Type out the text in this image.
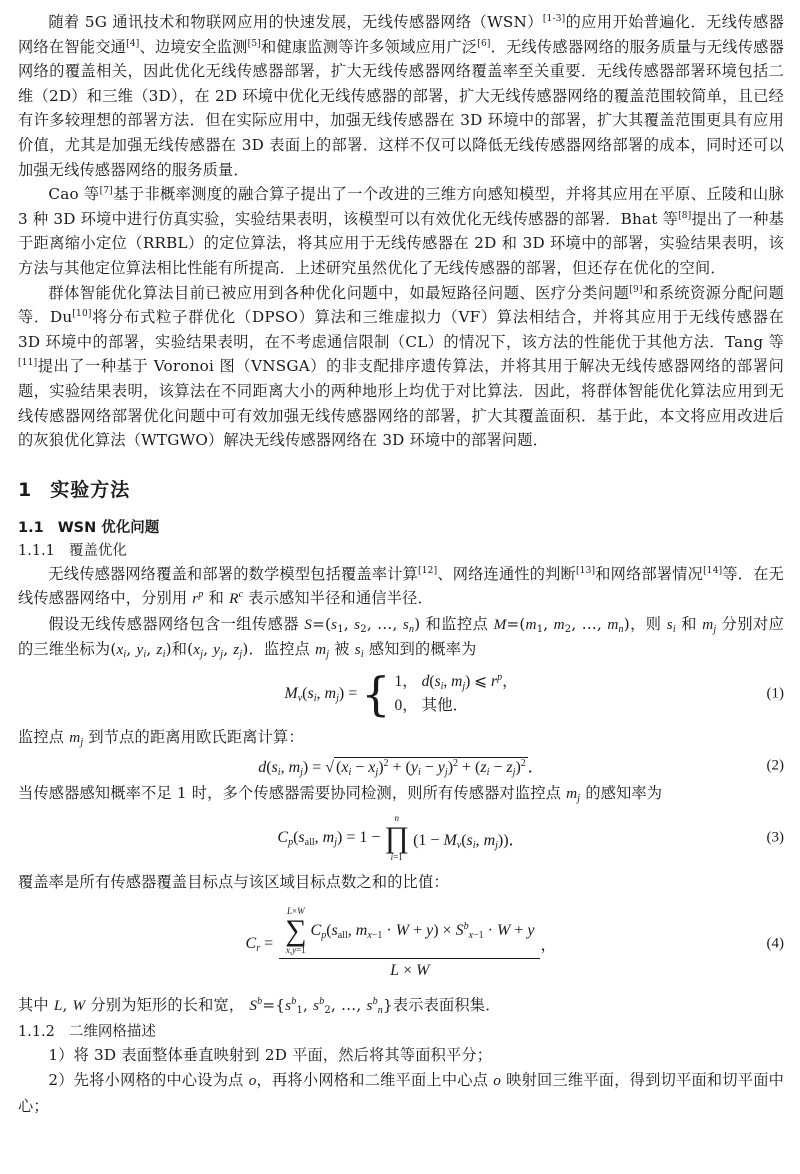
随着 5G 通讯技术和物联网应用的快速发展，无线传感器网络（WSN）[1-3]的应用开始普遍化．无线传感器网络在智能交通[4]、边境安全监测[5]和健康监测等许多领域应用广泛[6]．无线传感器网络的服务质量与无线传感器网络的覆盖相关，因此优化无线传感器部署，扩大无线传感器网络覆盖率至关重要．无线传感器部署环境包括二维（2D）和三维（3D），在 2D 环境中优化无线传感器的部署，扩大无线传感器网络的覆盖范围较简单，且已经有许多较理想的部署方法．但在实际应用中，加强无线传感器在 3D 环境中的部署，扩大其覆盖范围更具有应用价值，尤其是加强无线传感器在 3D 表面上的部署．这样不仅可以降低无线传感器网络部署的成本，同时还可以加强无线传感器网络的服务质量．

Cao 等[7]基于非概率测度的融合算子提出了一个改进的三维方向感知模型，并将其应用在平原、丘陵和山脉 3 种 3D 环境中进行仿真实验，实验结果表明，该模型可以有效优化无线传感器的部署．Bhat 等[8]提出了一种基于距离缩小定位（RRBL）的定位算法，将其应用于无线传感器在 2D 和 3D 环境中的部署，实验结果表明，该方法与其他定位算法相比性能有所提高．上述研究虽然优化了无线传感器的部署，但还存在优化的空间．

群体智能优化算法目前已被应用到各种优化问题中，如最短路径问题、医疗分类问题[9]和系统资源分配问题等．Du[10]将分布式粒子群优化（DPSO）算法和三维虚拟力（VF）算法相结合，并将其应用于无线传感器在 3D 环境中的部署，实验结果表明，在不考虑通信限制（CL）的情况下，该方法的性能优于其他方法．Tang 等[11]提出了一种基于 Voronoi 图（VNSGA）的非支配排序遗传算法，并将其用于解决无线传感器网络的部署问题，实验结果表明，该算法在不同距离大小的两种地形上均优于对比算法．因此，将群体智能优化算法应用到无线传感器网络部署优化问题中可有效加强无线传感器网络的部署，扩大其覆盖面积．基于此，本文将应用改进后的灰狼优化算法（WTGWO）解决无线传感器网络在 3D 环境中的部署问题．

1 实验方法
1.1 WSN 优化问题
1.1.1 覆盖优化

无线传感器网络覆盖和部署的数学模型包括覆盖率计算[12]、网络连通性的判断[13]和网络部署情况[14]等．在无线传感器网络中，分别用 $r^p$ 和 $R^c$ 表示感知半径和通信半径．

假设无线传感器网络包含一组传感器 $S=(s_1$, $s_2$, …, $s_n$) 和监控点 $M=(m_1$, $m_2$, …, $m_n$)，则 $s_i$ 和 $m_j$ 分别对应的三维坐标为($x_i$, $y_i$, $z_i$)和($x_j$, $y_j$, $z_j$)．监控点 $m_j$ 被 $s_i$ 感知到的概率为

$M_v(s_i$, $m_j$) = { 1， $d(s_i$, $m_j$) ⩽ $r^p$，
0， 其他．
(1)

监控点 $m_j$ 到节点的距离用欧氏距离计算：

$d(s_i$, $m_j$) = √ $(x_i - x_j)^2 + (y_i - y_j)^2 + (z_i - z_j)^2$ ．	(2)

当传感器感知概率不足 1 时，多个传感器需要协同检测，则所有传感器对监控点 $m_j$ 的感知率为

$C_p(s_{all}$, $m_j) = 1$ −
n
∏
i=1
($1 - M_v(s_i$, $m_j$))．	(3)

覆盖率是所有传感器覆盖目标点与该区域目标点数之和的比值：

$C_r = L\times W$
∑
x,y=1
$C_p(s_{all}$, $m_{x-1} \cdot W + y) \times S^b_{x-1} \cdot W + y$
L × W ，	(4)

其中 L, W 分别为矩形的长和宽， $S^b=\{s^b_1$, $s^b_2$, …, $s^b_n$}表示表面积集．

1.1.2 二维网格描述

1）将 3D 表面整体垂直映射到 2D 平面，然后将其等面积平分；

2）先将小网格的中心设为点 o，再将小网格和二维平面上中心点 o 映射回三维平面，得到切平面和切平面中心；
